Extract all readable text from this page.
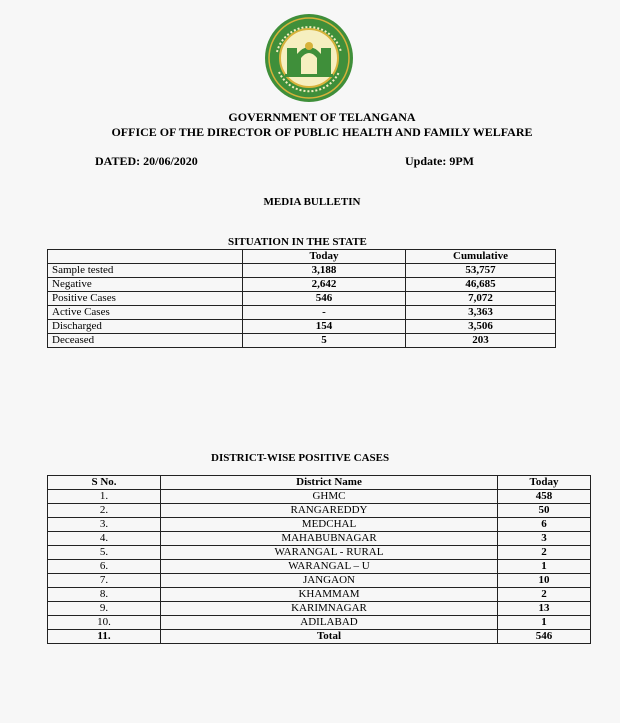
GOVERNMENT OF TELANGANA
OFFICE OF THE DIRECTOR OF PUBLIC HEALTH AND FAMILY WELFARE
DATED: 20/06/2020	Update: 9PM
MEDIA BULLETIN
SITUATION IN THE STATE
	Today	Cumulative
Sample tested	3,188	53,757
Negative	2,642	46,685
Positive Cases	546	7,072
Active Cases	-	3,363
Discharged	154	3,506
Deceased	5	203
DISTRICT-WISE POSITIVE CASES
S No.	District Name	Today
1.	GHMC	458
2.	RANGAREDDY	50
3.	MEDCHAL	6
4.	MAHABUBNAGAR	3
5.	WARANGAL - RURAL	2
6.	WARANGAL – U	1
7.	JANGAON	10
8.	KHAMMAM	2
9.	KARIMNAGAR	13
10.	ADILABAD	1
11.	Total	546
